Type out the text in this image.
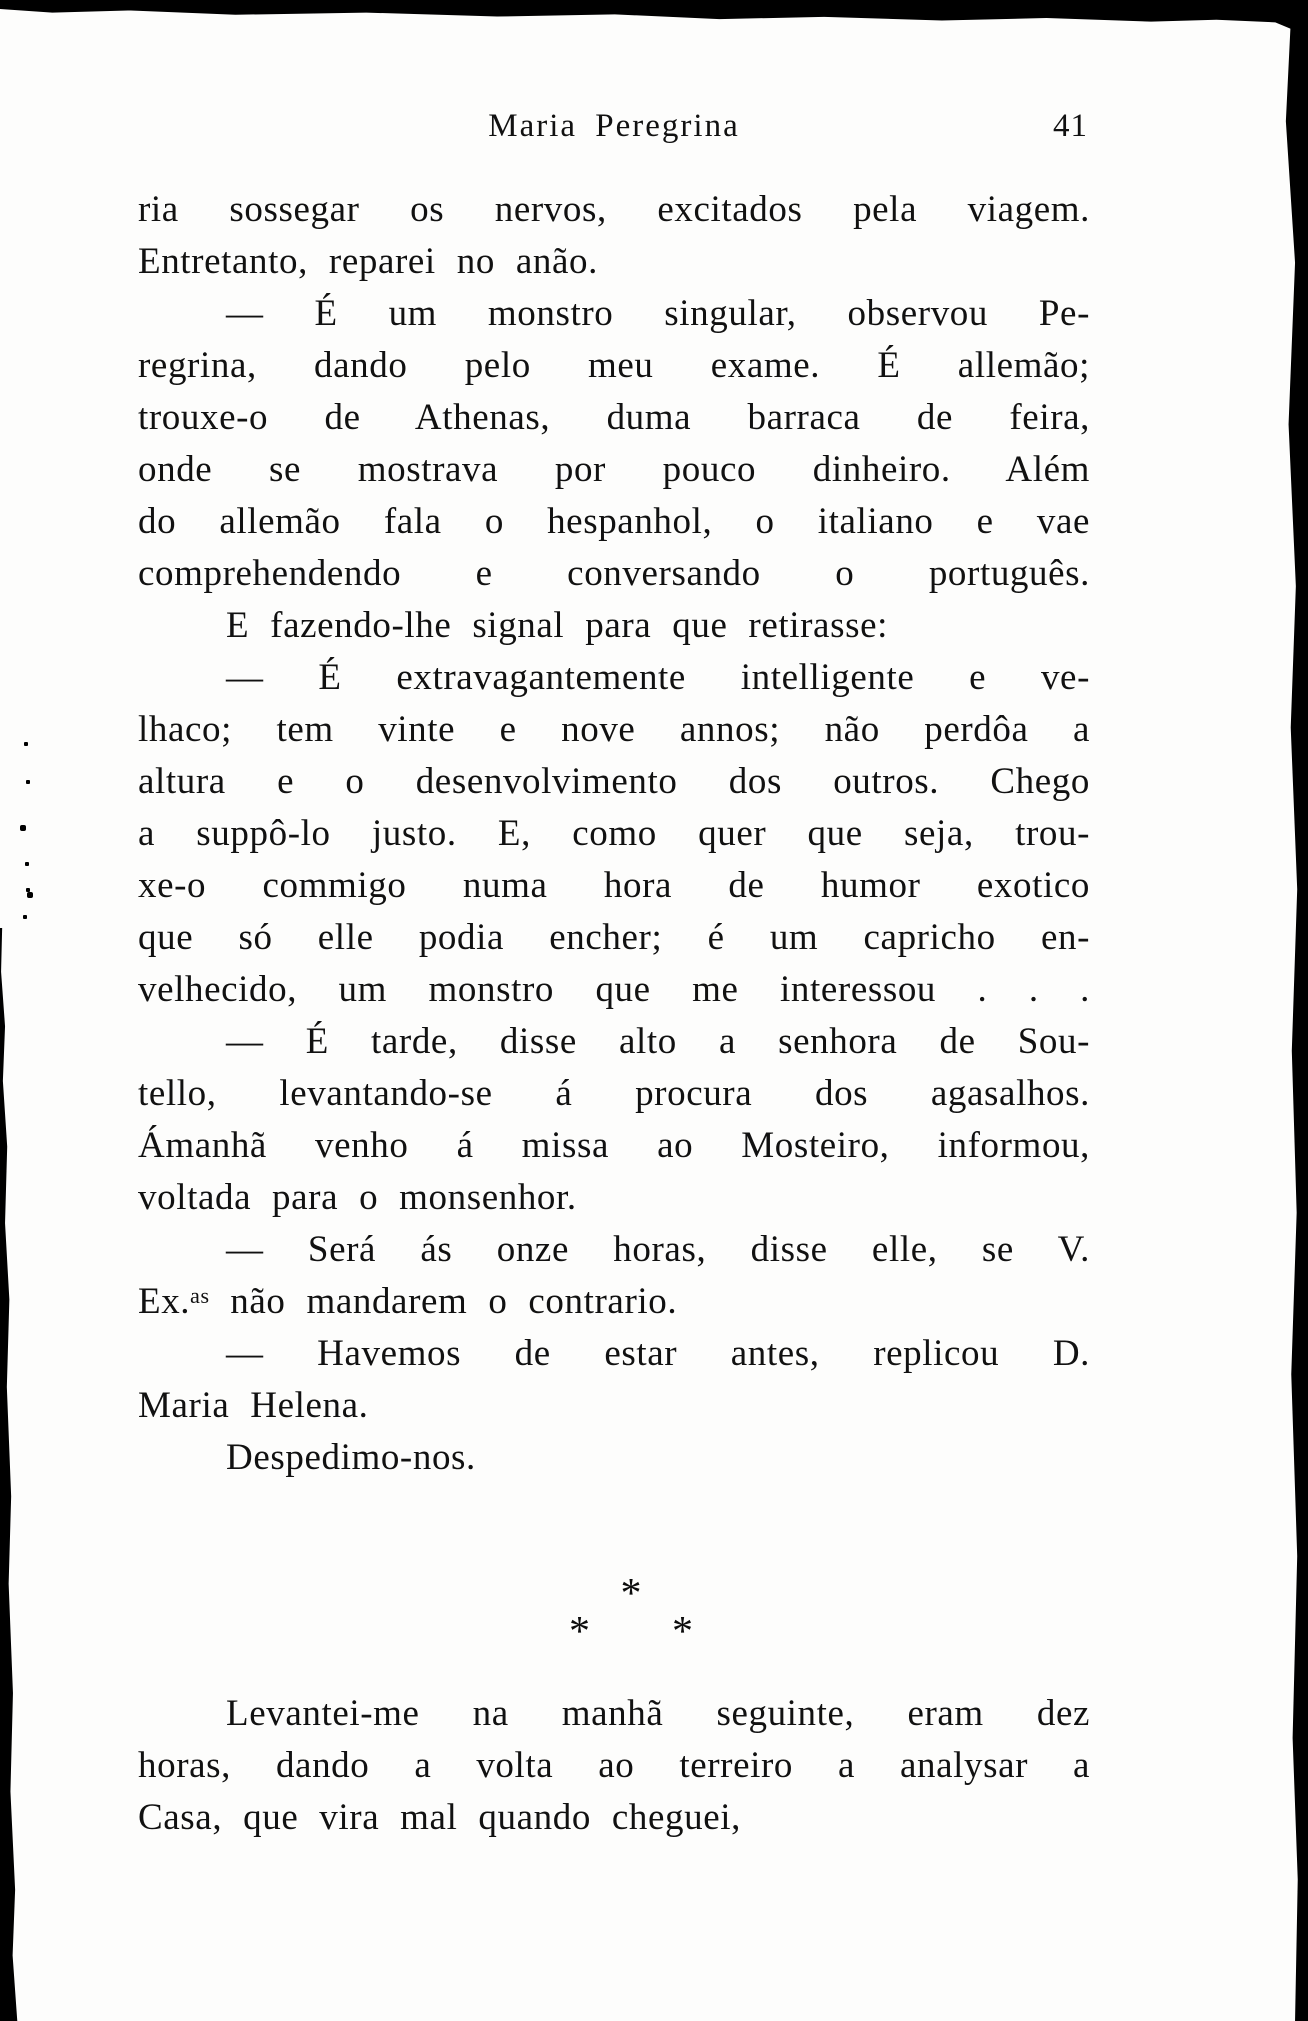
Maria Peregrina	41
ria sossegar os nervos, excitados pela viagem.
Entretanto, reparei no anão.
— É um monstro singular, observou Pe-
regrina, dando pelo meu exame. É allemão;
trouxe-o de Athenas, duma barraca de feira,
onde se mostrava por pouco dinheiro. Além
do allemão fala o hespanhol, o italiano e vae
comprehendendo e conversando o português.
E fazendo-lhe signal para que retirasse:
— É extravagantemente intelligente e ve-
lhaco; tem vinte e nove annos; não perdôa a
altura e o desenvolvimento dos outros. Chego
a suppô-lo justo. E, como quer que seja, trou-
xe-o commigo numa hora de humor exotico
que só elle podia encher; é um capricho en-
velhecido, um monstro que me interessou . . .
— É tarde, disse alto a senhora de Sou-
tello, levantando-se á procura dos agasalhos.
Ámanhã venho á missa ao Mosteiro, informou,
voltada para o monsenhor.
— Será ás onze horas, disse elle, se V.
Ex.ᵃˢ não mandarem o contrario.
— Havemos de estar antes, replicou D.
Maria Helena.
Despedimo-nos.
*
* *
Levantei-me na manhã seguinte, eram dez
horas, dando a volta ao terreiro a analysar a
Casa, que vira mal quando cheguei,
